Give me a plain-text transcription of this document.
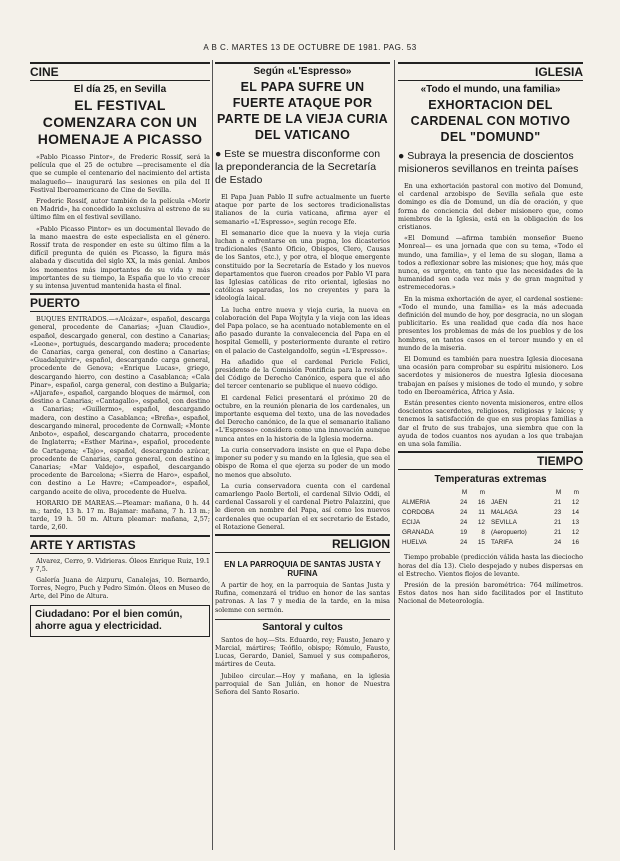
A B C. MARTES 13 DE OCTUBRE DE 1981. PAG. 53
CINE
El día 25, en Sevilla
EL FESTIVAL COMENZARA CON UN HOMENAJE A PICASSO

«Pablo Picasso Pintor», de Frederic Rossif, será la película que el 25 de octubre —precisamente el día que se cumple el centenario del nacimiento del artista malagueño— inaugurará las sesiones en pila del II Festival Iberoamericano de Cine de Sevilla.

Frederic Rossif, autor también de la película «Morir en Madrid», ha concedido la exclusiva al estreno de su último film en el festival sevillano.

«Pablo Picasso Pintor» es un documental llevado de la mano maestra de este especialista en el género. Rossif trata de responder en este su último film a la difícil pregunta de quién es Picasso, la figura más alabada y discutida del siglo XX, la más genial. Ambos los momentos más importantes de su vida y más importantes de su tiempo, la España que lo vio crecer y su intensa juventud mantenida hasta el final.

PUERTO

BUQUES ENTRADOS.—«Alcázar», español, descarga general, procedente de Canarias; «Juan Claudio», español, descargado general, con destino a Canarias; «Leone», portugués, descargando madera; procedente de Canarias, carga general, con destino a Canarias; «Guadalquivir», español, descargando carga general, procedente de Genova; «Enrique Lucas», griego, descargando hierro, con destino a Casablanca; «Cala Pinar», español, carga general, con destino a Bulgaria; «Aljarafe», español, cargando bloques de mármol, con destino a Canarias; «Cantagallo», español, con destino a Canarias; «Guillermo», español, descargando madera, con destino a Casablanca; «Breña», español, descargando mineral, procedente de Cornwall; «Monte Anboto», español, descargando chatarra, procedente de Inglaterra; «Esther Marina», español, procedente de Cartagena; «Tajo», español, descargando azúcar, procedente de Canarias, carga general, con destino a Canarias; «Mar Valdejo», español, descargando procedente de Barcelona; «Sierra de Haro», español, con destino a Le Havre; «Campeador», español, cargando aceite de oliva, procedente de Huelva.

HORARIO DE MAREAS.—Pleamar: mañana, 0 h. 44 m.; tarde, 13 h. 17 m. Bajamar: mañana, 7 h. 13 m.; tarde, 19 h. 50 m. Altura pleamar: mañana, 2,57; tarde, 2,60.

ARTE Y ARTISTAS

Alvarez, Cerro, 9. Vidrieras. Óleos Enrique Ruiz, 19.1 y 7,5.

Galería Juana de Aizpuru, Canalejas, 10. Bernardo, Torres, Negro, Puch y Pedro Simón. Óleos en Museo de Arte, del Pino de Altura.

Ciudadano: Por el bien común, ahorre agua y electricidad.
Según «L'Espresso»
EL PAPA SUFRE UN FUERTE ATAQUE POR PARTE DE LA VIEJA CURIA DEL VATICANO
● Este se muestra disconforme con la preponderancia de la Secretaría de Estado

El Papa Juan Pablo II sufre actualmente un fuerte ataque por parte de los sectores tradicionalistas italianos de la curia vaticana, afirma ayer el semanario «L'Espresso», según recoge Efe.

El semanario dice que la nueva y la vieja curia luchan a enfrentarse en una pugna, los dicasterios tradicionales (Santo Oficio, Obispos, Clero, Causas de los Santos, etc.), y por otra, el bloque emergente constituido por la Secretaría de Estado y los nuevos departamentos que fueron creados por Pablo VI para las Iglesias católicas de rito oriental, iglesias no católicas separadas, los no creyentes y para la ideología laical.

La lucha entre nueva y vieja curia, la nueva en colaboración del Papa Wojtyla y la vieja con las ideas del Papa polaco, se ha acentuado notablemente en el año pasado durante la convalecencia del Papa en el hospital Gemelli, y posteriormente durante el retiro en el palacio de Castelgandolfo, según «L'Espresso».

Ha añadido que el cardenal Pericle Felici, presidente de la Comisión Pontificia para la revisión del Código de Derecho Canónico, espera que el año del tercer centenario se publique el nuevo código.

El cardenal Felici presentará el próximo 20 de octubre, en la reunión plenaria de los cardenales, un importante esquema del texto, una de las novedades del Derecho canónico, de la que el semanario italiano «L'Espresso» considera como una innovación aunque nunca antes en la historia de la Iglesia moderna.

La curia conservadora insiste en que el Papa debe imponer su poder y su mando en la Iglesia, que sea el obispo de Roma el que ejerza su poder de un modo no menos que absoluto.

La curia conservadora cuenta con el cardenal camarlengo Paolo Bertoli, el cardenal Silvio Oddi, el cardenal Cassaroli y el cardenal Pietro Palazzini, que le dieron en nombre del Papa, así como los nuevos cardenales que ocuparían el ex secretario de Estado, el Rotazione General.

RELIGION
EN LA PARROQUIA DE SANTAS JUSTA Y RUFINA

A partir de hoy, en la parroquia de Santas Justa y Rufina, comenzará el triduo en honor de las santas patronas. A las 7 y media de la tarde, en la misa solemne con sermón.

Santoral y cultos

Santos de hoy.—Sts. Eduardo, rey; Fausto, Jenaro y Marcial, mártires; Teófilo, obispo; Rómulo, Fausto, Lucas, Gerardo, Daniel, Samuel y sus compañeros, mártires de Ceuta.

Jubileo circular.—Hoy y mañana, en la iglesia parroquial de San Julián, en honor de Nuestra Señora del Santo Rosario.

IGLESIA
«Todo el mundo, una familia»
EXHORTACION DEL CARDENAL CON MOTIVO DEL "DOMUND"
● Subraya la presencia de doscientos misioneros sevillanos en treinta países

En una exhortación pastoral con motivo del Domund, el cardenal arzobispo de Sevilla señala que este domingo es día de Domund, un día de oración, y que forma de conciencia del deber misionero que, como miembros de la Iglesia, está en la obligación de los cristianos.

«El Domund —afirma también monseñor Bueno Monreal— es una jornada que con su tema, «Todo el mundo, una familia», y el lema de su slogan, llama a todos a reflexionar sobre las misiones; que hoy, más que nunca, es urgente, en tanto que las necesidades de la humanidad son cada vez más y de gran magnitud y estremecedoras.»

En la misma exhortación de ayer, el cardenal sostiene: «Todo el mundo, una familia» es la más adecuada definición del mundo de hoy, por desgracia, no un slogan publicitario. Es una realidad que cada día nos hace presentes los problemas de más de los pueblos y de los hombres, en tantos casos en el tercer mundo y en el mundo de la miseria.

El Domund es también para nuestra Iglesia diocesana una ocasión para comprobar su espíritu misionero. Los sacerdotes y misioneros de nuestra Iglesia diocesana trabajan en países y misiones de todo el mundo, y sobre todo en Iberoamérica, África y Asia.

Están presentes ciento noventa misioneros, entre ellos doscientos sacerdotes, religiosos, religiosas y laicos; y tenemos la satisfacción de que en sus propias familias a dar el fruto de sus trabajos, una siembra que con la ayuda de todos cuantos nos ayudan a los que trabajan en una sola familia.

TIEMPO
Temperaturas extremas
	M	m		M	m
ALMERIA	24	16	JAEN	21	12
CORDOBA	24	11	MALAGA	23	14
ECIJA	24	12	SEVILLA	21	13
GRANADA	19	8	(Aeropuerto)	21	12
HUELVA	24	15	TARIFA	24	16

Tiempo probable (predicción válida hasta las dieciocho horas del día 13). Cielo despejado y nubes dispersas en el Estrecho. Vientos flojos de levante.

Presión de la presión barométrica: 764 milímetros. Estos datos nos han sido facilitados por el Instituto Nacional de Meteorología.
